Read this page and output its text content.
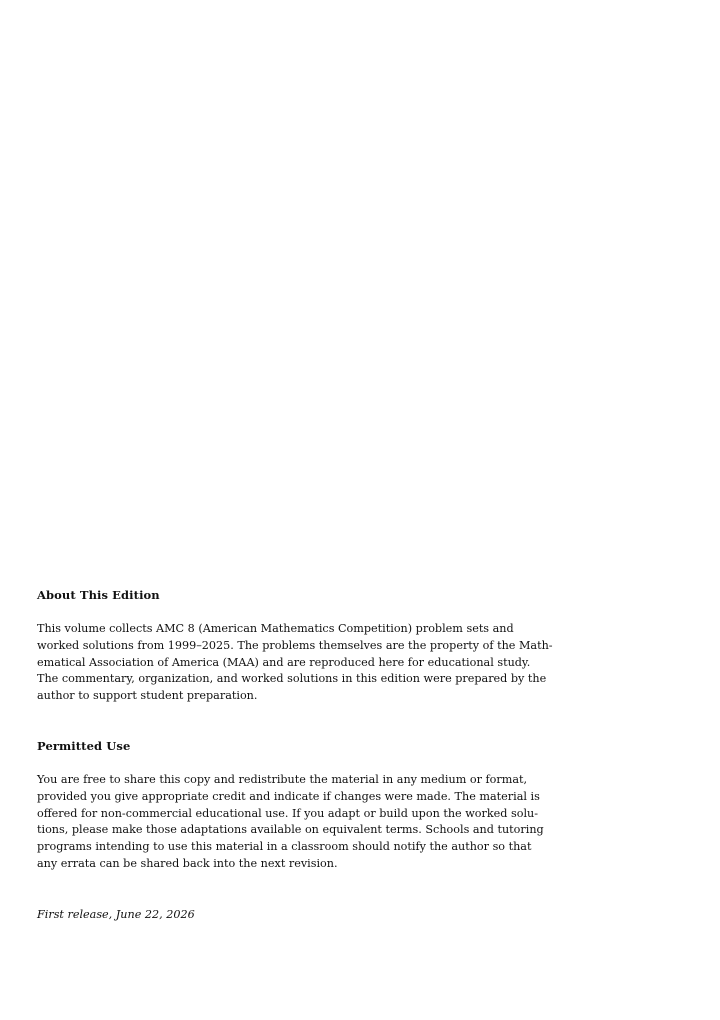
About This Edition
This volume collects AMC 8 (American Mathematics Competition) problem sets and
worked solutions from 1999–2025. The problems themselves are the property of the Math-
ematical Association of America (MAA) and are reproduced here for educational study.
The commentary, organization, and worked solutions in this edition were prepared by the
author to support student preparation.
Permitted Use
You are free to share this copy and redistribute the material in any medium or format,
provided you give appropriate credit and indicate if changes were made. The material is
offered for non-commercial educational use. If you adapt or build upon the worked solu-
tions, please make those adaptations available on equivalent terms. Schools and tutoring
programs intending to use this material in a classroom should notify the author so that
any errata can be shared back into the next revision.
First release, June 22, 2026
